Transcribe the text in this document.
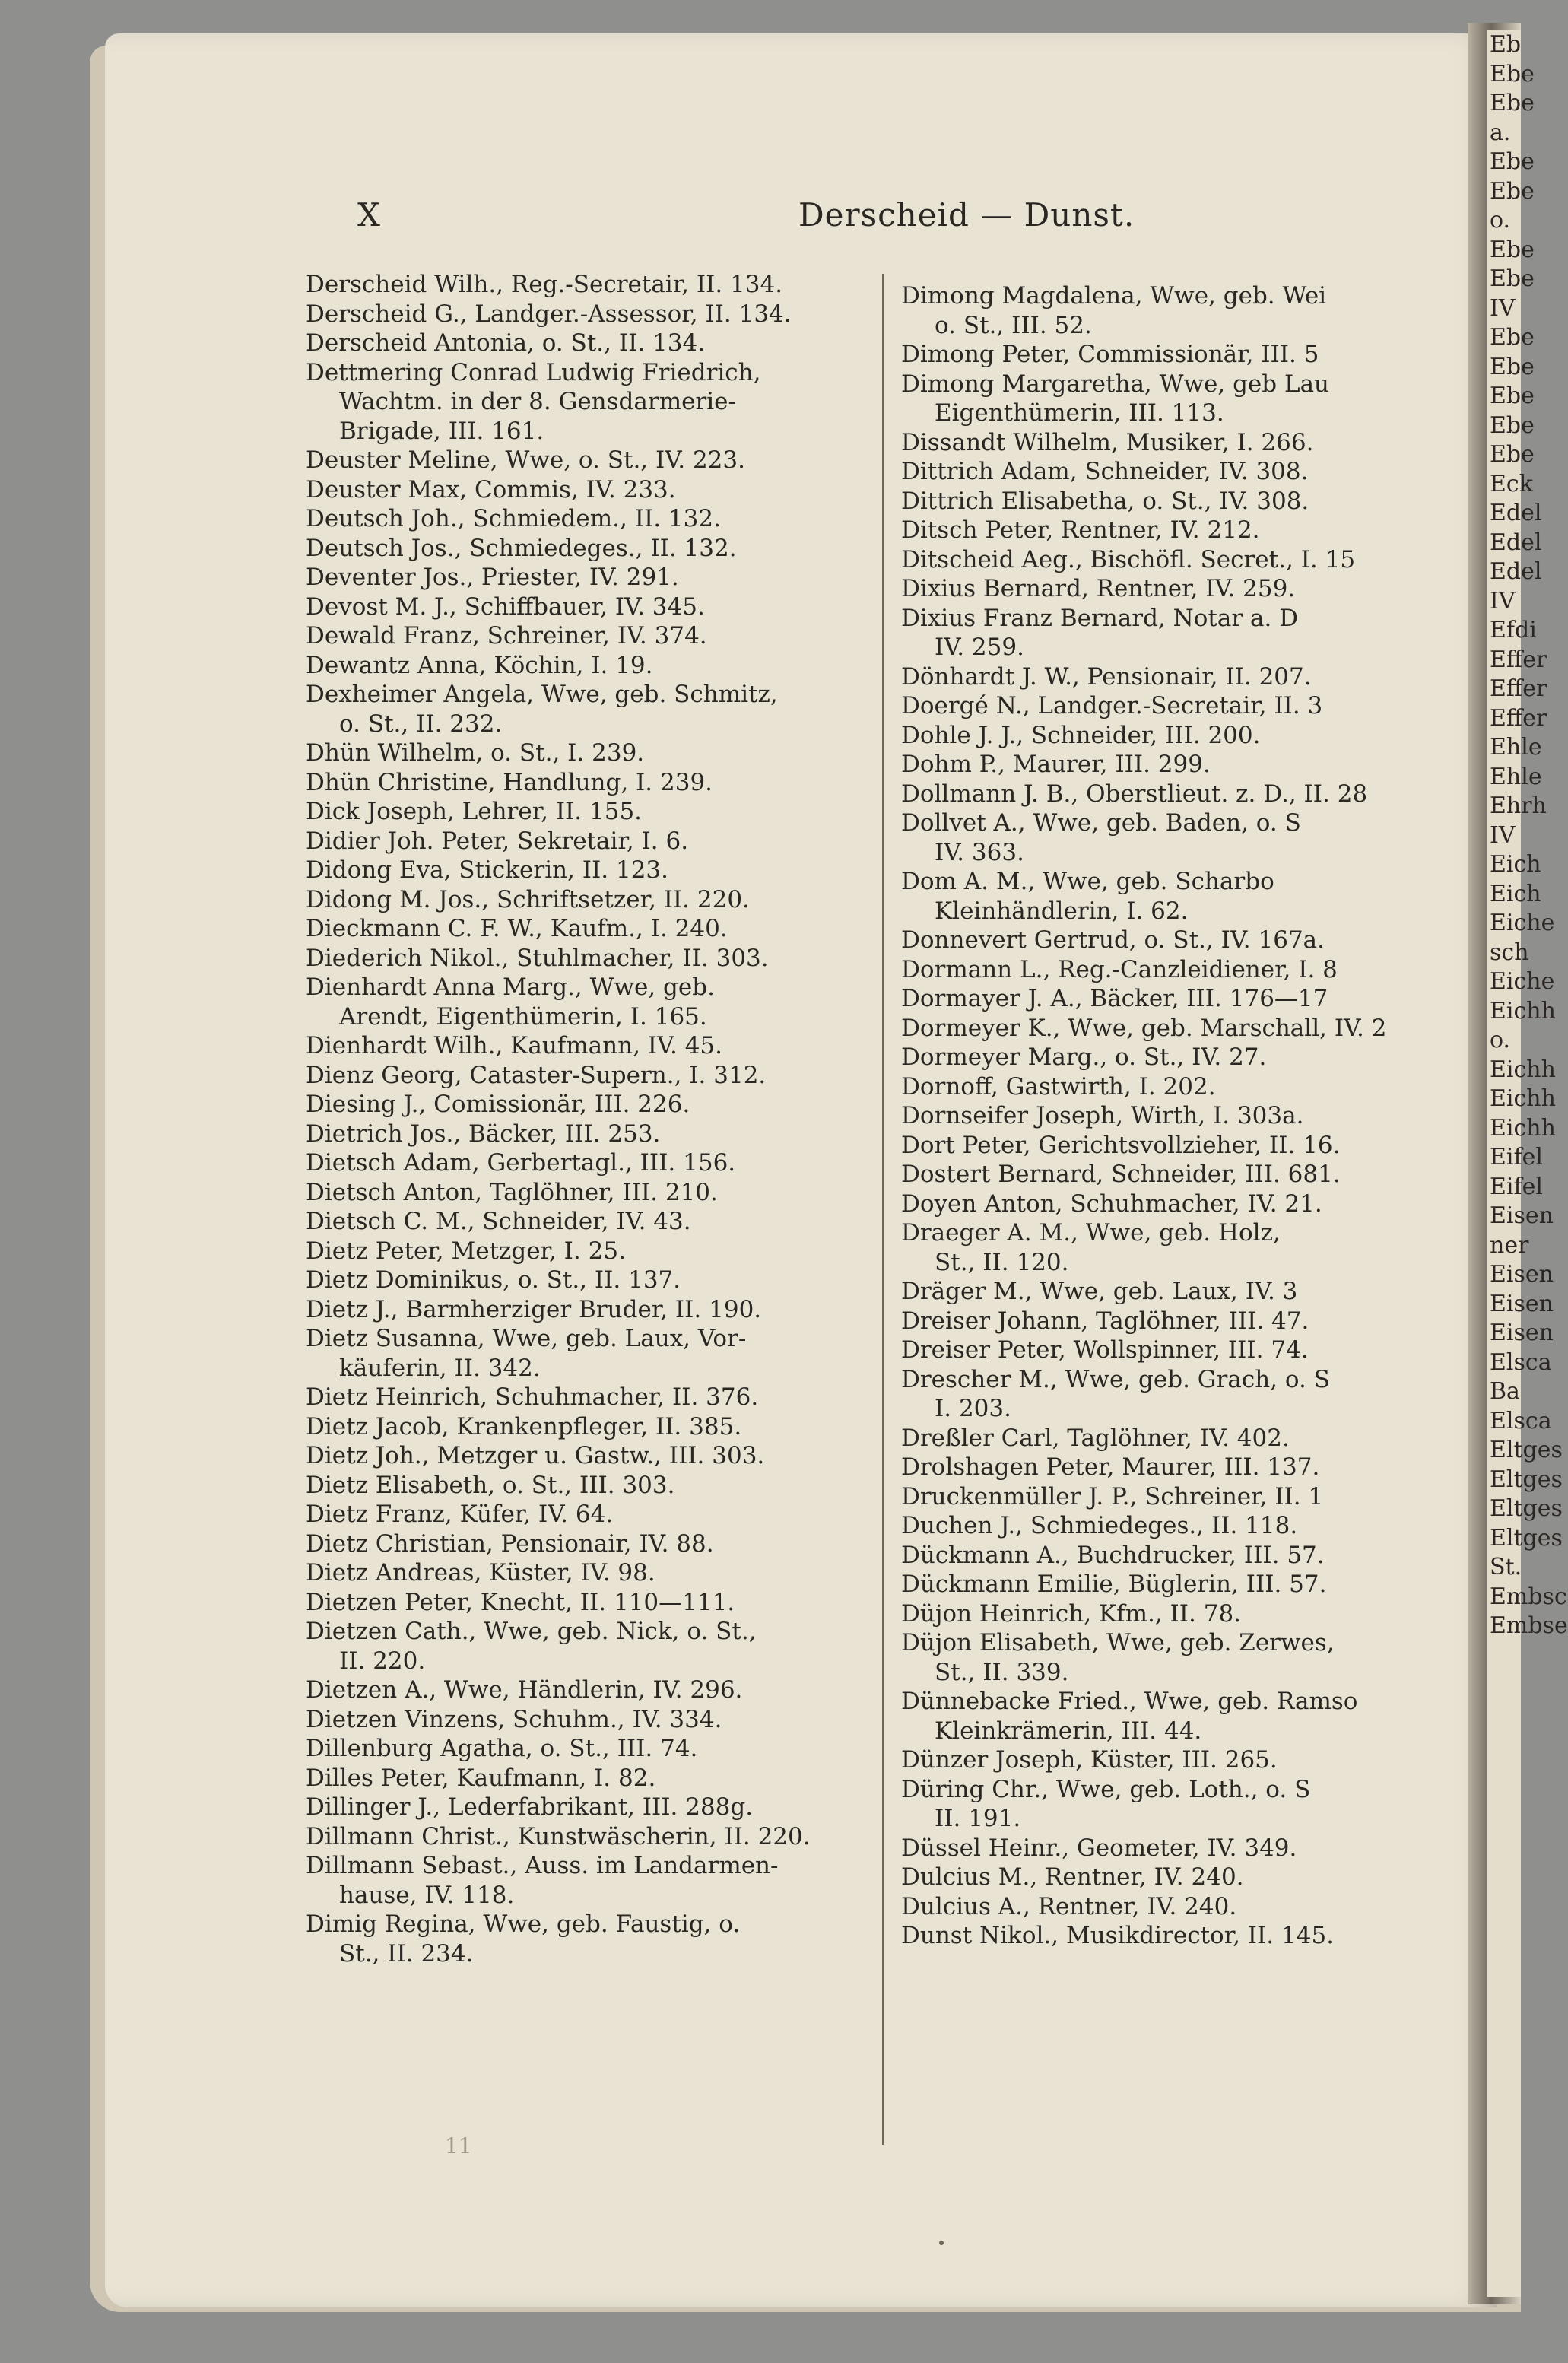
Eb
Ebe
Ebe
a.
Ebe
Ebe
o.
Ebe
Ebe
IV
Ebe
Ebe
Ebe
Ebe
Ebe
Eck
Edel
Edel
Edel
IV
Efdi
Effer
Effer
Effer
Ehle
Ehle
Ehrh
IV
Eich
Eich
Eiche
sch
Eiche
Eichh
o.
Eichh
Eichh
Eichh
Eifel
Eifel
Eisen
ner
Eisen
Eisen
Eisen
Elsca
Ba
Elsca
Eltges
Eltges
Eltges
Eltges
St.
Embsc
Embse
X	Derscheid — Dunst.
Derscheid Wilh., Reg.-Secretair, II. 134.
Derscheid G., Landger.-Assessor, II. 134.
Derscheid Antonia, o. St., II. 134.
Dettmering Conrad Ludwig Friedrich,
Wachtm. in der 8. Gensdarmerie-
Brigade, III. 161.
Deuster Meline, Wwe, o. St., IV. 223.
Deuster Max, Commis, IV. 233.
Deutsch Joh., Schmiedem., II. 132.
Deutsch Jos., Schmiedeges., II. 132.
Deventer Jos., Priester, IV. 291.
Devost M. J., Schiffbauer, IV. 345.
Dewald Franz, Schreiner, IV. 374.
Dewantz Anna, Köchin, I. 19.
Dexheimer Angela, Wwe, geb. Schmitz,
o. St., II. 232.
Dhün Wilhelm, o. St., I. 239.
Dhün Christine, Handlung, I. 239.
Dick Joseph, Lehrer, II. 155.
Didier Joh. Peter, Sekretair, I. 6.
Didong Eva, Stickerin, II. 123.
Didong M. Jos., Schriftsetzer, II. 220.
Dieckmann C. F. W., Kaufm., I. 240.
Diederich Nikol., Stuhlmacher, II. 303.
Dienhardt Anna Marg., Wwe, geb.
Arendt, Eigenthümerin, I. 165.
Dienhardt Wilh., Kaufmann, IV. 45.
Dienz Georg, Cataster-Supern., I. 312.
Diesing J., Comissionär, III. 226.
Dietrich Jos., Bäcker, III. 253.
Dietsch Adam, Gerbertagl., III. 156.
Dietsch Anton, Taglöhner, III. 210.
Dietsch C. M., Schneider, IV. 43.
Dietz Peter, Metzger, I. 25.
Dietz Dominikus, o. St., II. 137.
Dietz J., Barmherziger Bruder, II. 190.
Dietz Susanna, Wwe, geb. Laux, Vor-
käuferin, II. 342.
Dietz Heinrich, Schuhmacher, II. 376.
Dietz Jacob, Krankenpfleger, II. 385.
Dietz Joh., Metzger u. Gastw., III. 303.
Dietz Elisabeth, o. St., III. 303.
Dietz Franz, Küfer, IV. 64.
Dietz Christian, Pensionair, IV. 88.
Dietz Andreas, Küster, IV. 98.
Dietzen Peter, Knecht, II. 110—111.
Dietzen Cath., Wwe, geb. Nick, o. St.,
II. 220.
Dietzen A., Wwe, Händlerin, IV. 296.
Dietzen Vinzens, Schuhm., IV. 334.
Dillenburg Agatha, o. St., III. 74.
Dilles Peter, Kaufmann, I. 82.
Dillinger J., Lederfabrikant, III. 288g.
Dillmann Christ., Kunstwäscherin, II. 220.
Dillmann Sebast., Auss. im Landarmen-
hause, IV. 118.
Dimig Regina, Wwe, geb. Faustig, o.
St., II. 234.
Dimong Magdalena, Wwe, geb. Wei
o. St., III. 52.
Dimong Peter, Commissionär, III. 5
Dimong Margaretha, Wwe, geb Lau
Eigenthümerin, III. 113.
Dissandt Wilhelm, Musiker, I. 266.
Dittrich Adam, Schneider, IV. 308.
Dittrich Elisabetha, o. St., IV. 308.
Ditsch Peter, Rentner, IV. 212.
Ditscheid Aeg., Bischöfl. Secret., I. 15
Dixius Bernard, Rentner, IV. 259.
Dixius Franz Bernard, Notar a. D
IV. 259.
Dönhardt J. W., Pensionair, II. 207.
Doergé N., Landger.-Secretair, II. 3
Dohle J. J., Schneider, III. 200.
Dohm P., Maurer, III. 299.
Dollmann J. B., Oberstlieut. z. D., II. 28
Dollvet A., Wwe, geb. Baden, o. S
IV. 363.
Dom A. M., Wwe, geb. Scharbo
Kleinhändlerin, I. 62.
Donnevert Gertrud, o. St., IV. 167a.
Dormann L., Reg.-Canzleidiener, I. 8
Dormayer J. A., Bäcker, III. 176—17
Dormeyer K., Wwe, geb. Marschall, IV. 2
Dormeyer Marg., o. St., IV. 27.
Dornoff, Gastwirth, I. 202.
Dornseifer Joseph, Wirth, I. 303a.
Dort Peter, Gerichtsvollzieher, II. 16.
Dostert Bernard, Schneider, III. 681.
Doyen Anton, Schuhmacher, IV. 21.
Draeger A. M., Wwe, geb. Holz,
St., II. 120.
Dräger M., Wwe, geb. Laux, IV. 3
Dreiser Johann, Taglöhner, III. 47.
Dreiser Peter, Wollspinner, III. 74.
Drescher M., Wwe, geb. Grach, o. S
I. 203.
Dreßler Carl, Taglöhner, IV. 402.
Drolshagen Peter, Maurer, III. 137.
Druckenmüller J. P., Schreiner, II. 1
Duchen J., Schmiedeges., II. 118.
Dückmann A., Buchdrucker, III. 57.
Dückmann Emilie, Büglerin, III. 57.
Düjon Heinrich, Kfm., II. 78.
Düjon Elisabeth, Wwe, geb. Zerwes,
St., II. 339.
Dünnebacke Fried., Wwe, geb. Ramso
Kleinkrämerin, III. 44.
Dünzer Joseph, Küster, III. 265.
Düring Chr., Wwe, geb. Loth., o. S
II. 191.
Düssel Heinr., Geometer, IV. 349.
Dulcius M., Rentner, IV. 240.
Dulcius A., Rentner, IV. 240.
Dunst Nikol., Musikdirector, II. 145.
11
